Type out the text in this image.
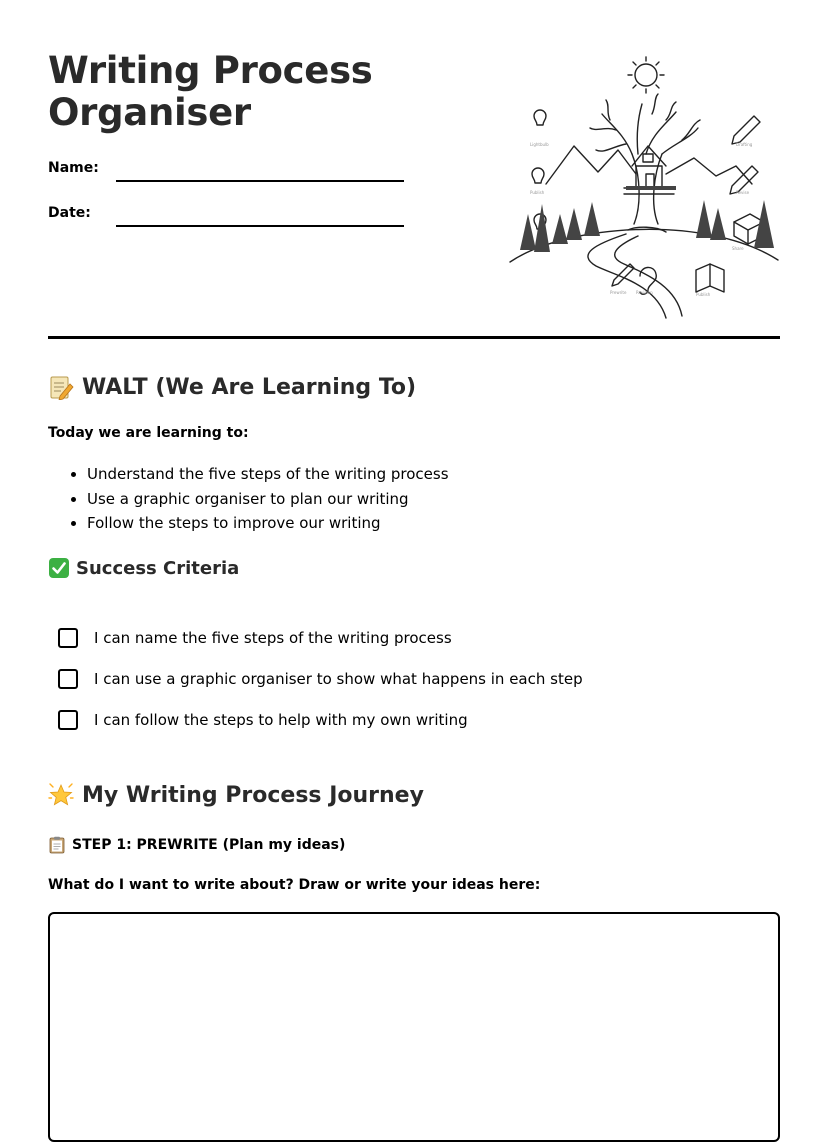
Writing Process
Organiser
Name:
Date:
Lightbulb	Drafting
Publish	Revise
Share
Prewrite Revision	Publish
WALT (We Are Learning To)
Today we are learning to:
• Understand the five steps of the writing process
• Use a graphic organiser to plan our writing
• Follow the steps to improve our writing
Success Criteria
I can name the five steps of the writing process
I can use a graphic organiser to show what happens in each step
I can follow the steps to help with my own writing
My Writing Process Journey
STEP 1: PREWRITE (Plan my ideas)
What do I want to write about? Draw or write your ideas here:
